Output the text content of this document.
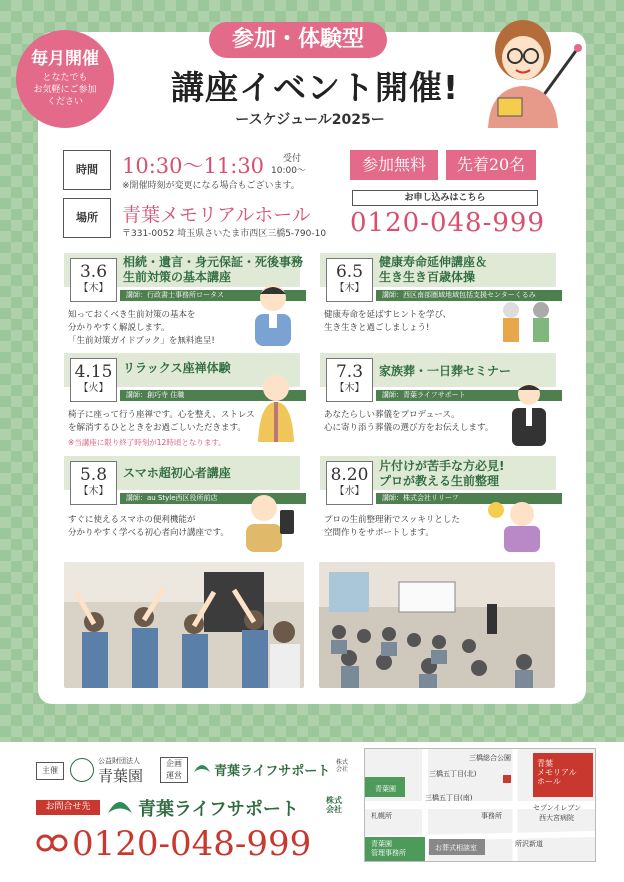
毎月開催
となたでも
お気軽にご参加
ください
参加・体験型
講座イベント開催!
ースケジュール2025ー
時間	10:30〜11:30 受付
10:00〜
※開催時刻が変更になる場合もございます。
場所	青葉メモリアルホール
〒331-0052 埼玉県さいたま市西区三橋5-790-10
参加無料	先着20名
お申し込みはこちら
0120-048-999
3.6
【木】
相続・遺言・身元保証・死後事務
生前対策の基本講座
講師：行政書士事務所ロータス
知っておくべき生前対策の基本を
分かりやすく解説します。
「生前対策ガイドブック」を無料進呈!
6.5
【木】
健康寿命延伸講座＆
生き生き百歳体操
講師：西区南部圏域地域包括支援センターくるみ
健康寿命を延ばすヒントを学び、
生き生きと過ごしましょう!
4.15
【火】
リラックス座禅体験
講師：創巧寺 住職
椅子に座って行う座禅です。心を整え、ストレス
を解消するひとときをお過ごしいただきます。
※当講座に限り終了時刻が12時頃となります。
7.3
【木】
家族葬・一日葬セミナー
講師：青葉ライフサポート
あなたらしい葬儀をプロデュース。
心に寄り添う葬儀の選び方をお伝えします。
5.8
【木】
スマホ超初心者講座
講師：au Style西区役所前店
すぐに使えるスマホの便利機能が
分かりやすく学べる初心者向け講座です。
8.20
【水】
片付けが苦手な方必見!
プロが教える生前整理
講師：株式会社リリーフ
プロの生前整理術でスッキリとした
空間作りをサポートします。
主催
公益財団法人
青葉園
企画
運営	青葉ライフサポート
株式
会社
お問合せ先	青葉ライフサポート	株式
会社
0120-048-999
三橋総合公園
三橋五丁目(北)
青葉園
三橋五丁目(南)
札幌所	事務所
セブンイレブン
西大宮病院
所沢新道
青葉園
管理事務所
お葬式相談室
青葉
メモリアル
ホール
